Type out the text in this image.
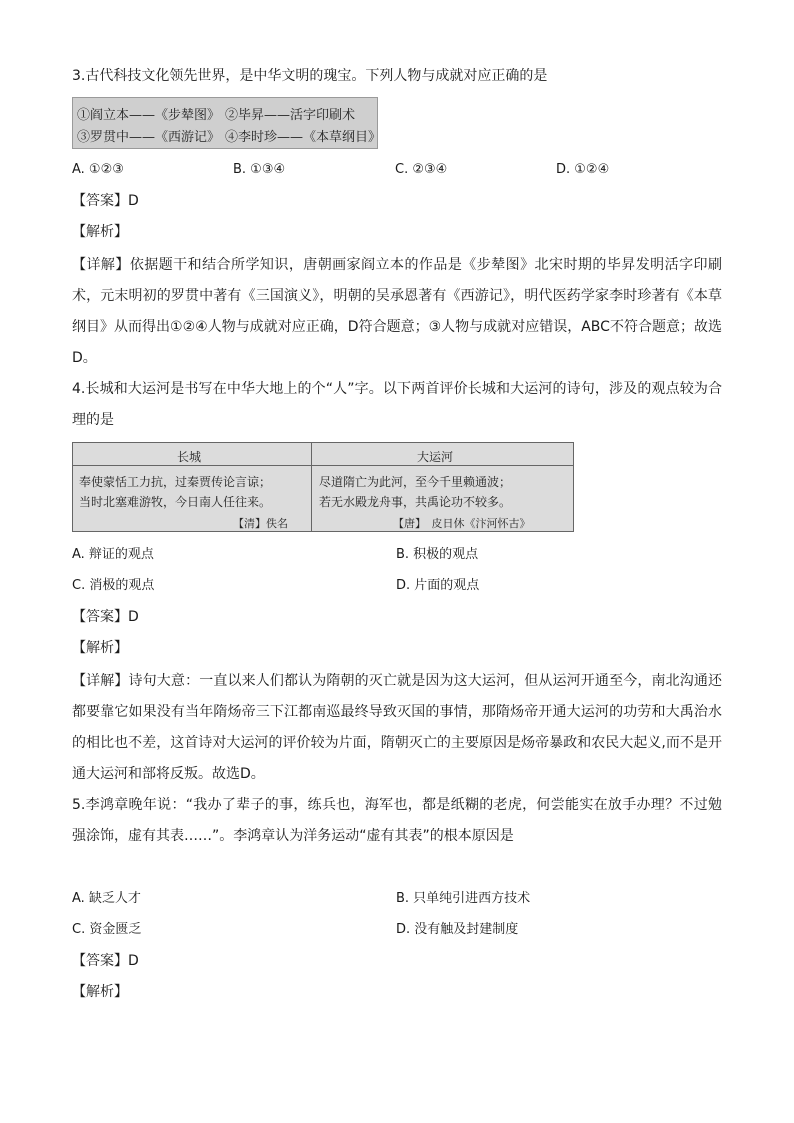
3.古代科技文化领先世界，是中华文明的瑰宝。下列人物与成就对应正确的是
①阎立本——《步辇图》 ②毕昇——活字印刷术
③罗贯中——《西游记》 ④李时珍——《本草纲目》
A. ①②③	B. ①③④	C. ②③④	D. ①②④
【答案】D
【解析】
【详解】依据题干和结合所学知识，唐朝画家阎立本的作品是《步辇图》北宋时期的毕昇发明活字印刷术，元末明初的罗贯中著有《三国演义》，明朝的吴承恩著有《西游记》，明代医药学家李时珍著有《本草纲目》从而得出①②④人物与成就对应正确，D符合题意；③人物与成就对应错误，ABC不符合题意；故选D。
4.长城和大运河是书写在中华大地上的个“人”字。以下两首评价长城和大运河的诗句，涉及的观点较为合理的是
长城	大运河
奉使蒙恬工力抗，过秦贾传论言谅；
当时北塞难游牧，今日南人任往来。
【清】佚名
尽道隋亡为此河，至今千里赖通波；
若无水殿龙舟事，共禹论功不较多。
【唐】　皮日休《汴河怀古》
A. 辩证的观点	B. 积极的观点
C. 消极的观点	D. 片面的观点
【答案】D
【解析】
【详解】诗句大意：一直以来人们都认为隋朝的灭亡就是因为这大运河，但从运河开通至今，南北沟通还都要靠它如果没有当年隋炀帝三下江都南巡最终导致灭国的事情，那隋炀帝开通大运河的功劳和大禹治水的相比也不差，这首诗对大运河的评价较为片面，隋朝灭亡的主要原因是炀帝暴政和农民大起义,而不是开通大运河和部将反叛。故选D。
5.李鸿章晚年说：“我办了辈子的事，练兵也，海军也，都是纸糊的老虎，何尝能实在放手办理？不过勉强涂饰，虚有其表……”。李鸿章认为洋务运动“虚有其表”的根本原因是
A. 缺乏人才	B. 只单纯引进西方技术
C. 资金匮乏	D. 没有触及封建制度
【答案】D
【解析】
